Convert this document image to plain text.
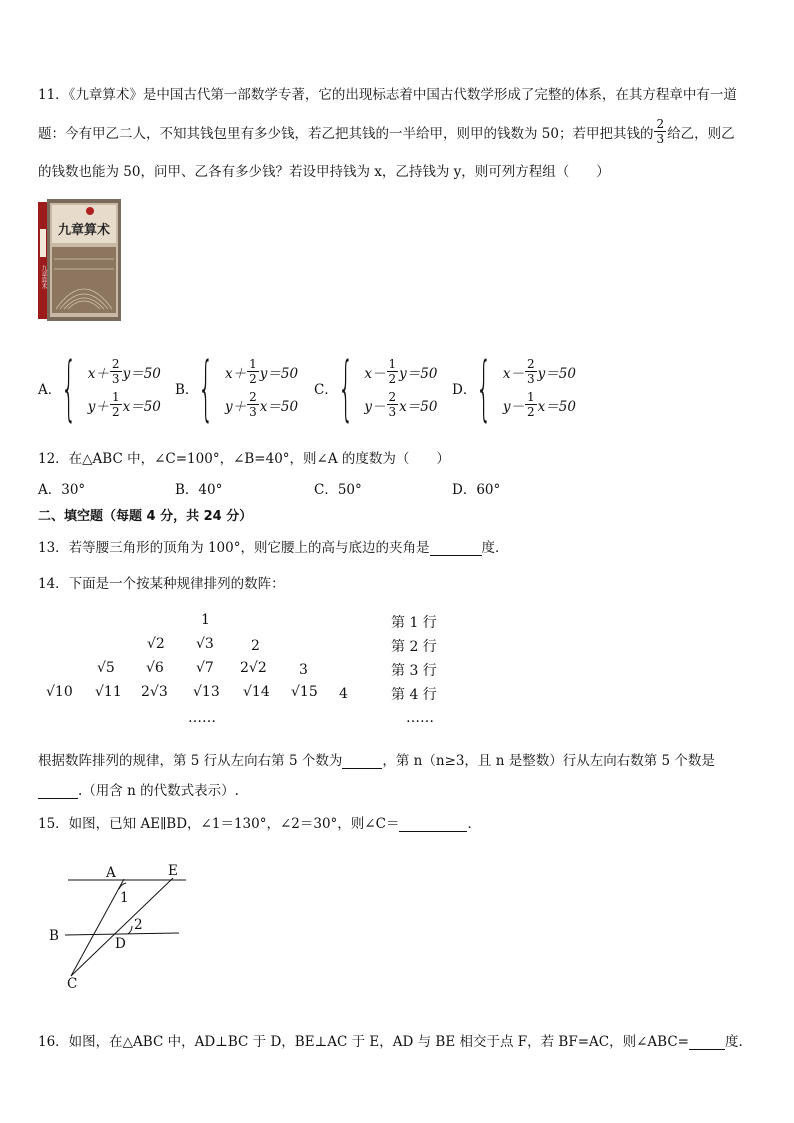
11．《九章算术》是中国古代第一部数学专著，它的出现标志着中国古代数学形成了完整的体系，在其方程章中有一道
题：今有甲乙二人，不知其钱包里有多少钱，若乙把其钱的一半给甲，则甲的钱数为 50；若甲把其钱的 $\frac{2}{3}$ 给乙，则乙
的钱数也能为 50，问甲、乙各有多少钱？若设甲持钱为 x，乙持钱为 y，则可列方程组（　　）
九章算术
九章算术
A． { $x+ \frac{2}{3} y=50$
$y+ \frac{1}{2} x=50$
B． { $x+ \frac{1}{2} y=50$
$y+ \frac{2}{3} x=50$
C． { $x- \frac{1}{2} y=50$
$y- \frac{2}{3} x=50$
D． { $x- \frac{2}{3} y=50$
$y- \frac{1}{2} x=50$
12．在△ABC 中，∠C=100°，∠B=40°，则∠A 的度数为（　　）
A．30°	B．40°	C．50°	D．60°
二、填空题（每题 4 分，共 24 分）
13．若等腰三角形的顶角为 100°，则它腰上的高与底边的夹角是	度．
14．下面是一个按某种规律排列的数阵：
1
√2 √3	2
√5 √6 √7 2√2 3
√10 √11 2√3 √13 √14 √15 4
……
第 1 行
第 2 行
第 3 行
第 4 行
……
根据数阵排列的规律，第 5 行从左向右第 5 个数为	，第 n（n≥3，且 n 是整数）行从左向右数第 5 个数是
.（用含 n 的代数式表示）.
15．如图，已知 AE∥BD，∠1＝130°，∠2＝30°，则∠C＝	．
A	E
B	D
C
1
2
16．如图，在△ABC 中，AD⊥BC 于 D，BE⊥AC 于 E，AD 与 BE 相交于点 F，若 BF=AC，则∠ABC=	度.
